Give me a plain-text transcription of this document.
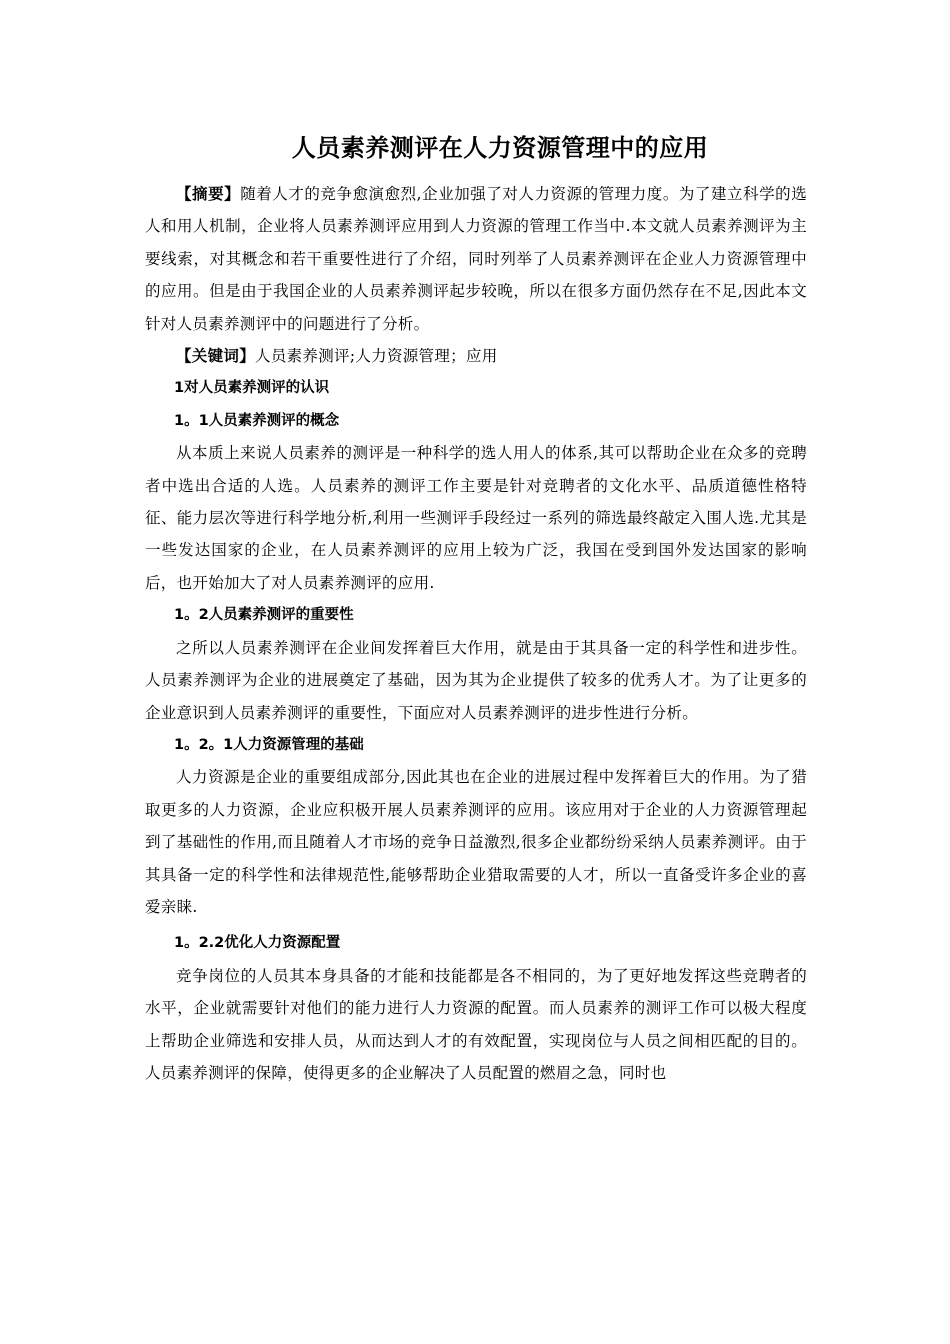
人员素养测评在人力资源管理中的应用

【摘要】随着人才的竞争愈演愈烈,企业加强了对人力资源的管理力度。为了建立科学的选人和用人机制，企业将人员素养测评应用到人力资源的管理工作当中.本文就人员素养测评为主要线索，对其概念和若干重要性进行了介绍，同时列举了人员素养测评在企业人力资源管理中的应用。但是由于我国企业的人员素养测评起步较晚，所以在很多方面仍然存在不足,因此本文针对人员素养测评中的问题进行了分析。

【关键词】人员素养测评;人力资源管理；应用

1对人员素养测评的认识

1。1人员素养测评的概念

从本质上来说人员素养的测评是一种科学的选人用人的体系,其可以帮助企业在众多的竞聘者中选出合适的人选。人员素养的测评工作主要是针对竞聘者的文化水平、品质道德性格特征、能力层次等进行科学地分析,利用一些测评手段经过一系列的筛选最终敲定入围人选.尤其是一些发达国家的企业，在人员素养测评的应用上较为广泛，我国在受到国外发达国家的影响后，也开始加大了对人员素养测评的应用.

1。2人员素养测评的重要性

之所以人员素养测评在企业间发挥着巨大作用，就是由于其具备一定的科学性和进步性。人员素养测评为企业的进展奠定了基础，因为其为企业提供了较多的优秀人才。为了让更多的企业意识到人员素养测评的重要性，下面应对人员素养测评的进步性进行分析。

1。2。1人力资源管理的基础

人力资源是企业的重要组成部分,因此其也在企业的进展过程中发挥着巨大的作用。为了猎取更多的人力资源，企业应积极开展人员素养测评的应用。该应用对于企业的人力资源管理起到了基础性的作用,而且随着人才市场的竞争日益激烈,很多企业都纷纷采纳人员素养测评。由于其具备一定的科学性和法律规范性,能够帮助企业猎取需要的人才，所以一直备受许多企业的喜爱亲睐.

1。2.2优化人力资源配置

竞争岗位的人员其本身具备的才能和技能都是各不相同的，为了更好地发挥这些竞聘者的水平，企业就需要针对他们的能力进行人力资源的配置。而人员素养的测评工作可以极大程度上帮助企业筛选和安排人员，从而达到人才的有效配置，实现岗位与人员之间相匹配的目的。人员素养测评的保障，使得更多的企业解决了人员配置的燃眉之急，同时也
